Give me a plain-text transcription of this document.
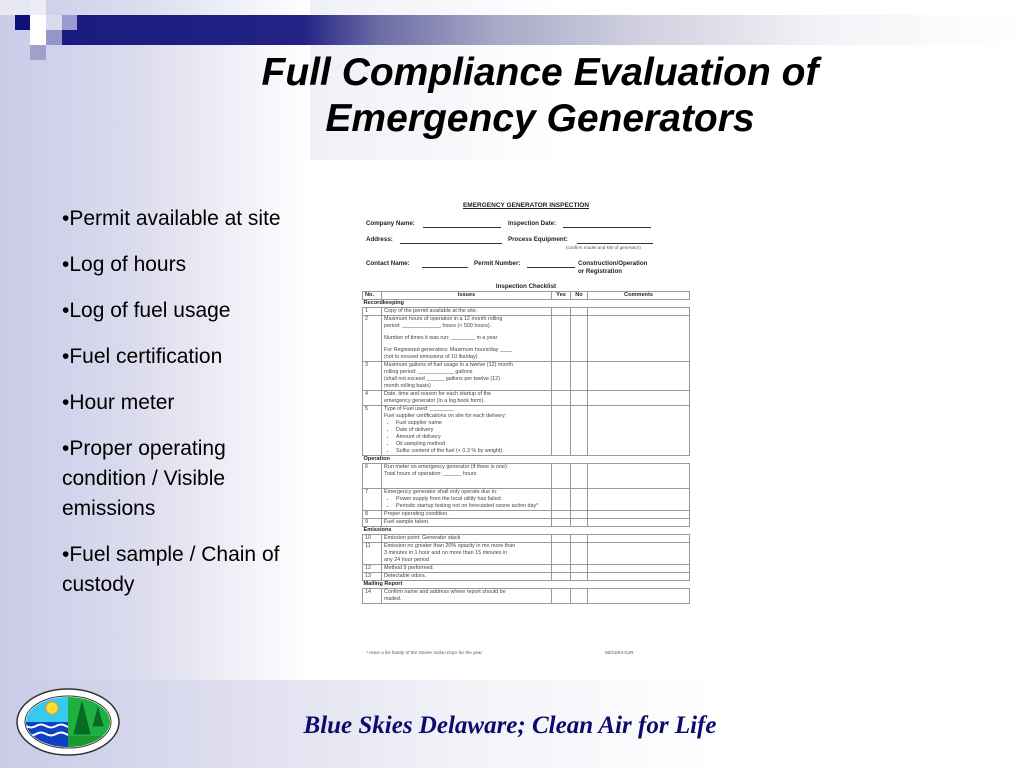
Full Compliance Evaluation of
Emergency Generators
•Permit available at site
•Log of hours
•Log of fuel usage
•Fuel certification
•Hour meter
•Proper operating condition / Visible emissions
•Fuel sample / Chain of custody
EMERGENCY GENERATOR INSPECTION
Company Name:	Inspection Date:
Address:	Process Equipment:
(confirm model and kW of generator)
Contact Name:	Permit Number:	Construction/Operation
or Registration
Inspection Checklist
No.	Issues	Yes	No	Comments
Recordkeeping				
1	Copy of the permit available at the site.			
2	Maximum hours of operation in a 12 month rolling
period: _____________ hours (< 500 hours).
Number of times it was run: ________ in a year
For Registered generators: Maximum hours/day ____
(not to exceed emissions of 10 lbs/day)			

3	Maximum gallons of fuel usage in a twelve (12) month
rolling period: ____________ gallons
(shall not exceed ______ gallons per twelve (12)
month rolling basis)			

4	Date, time and reason for each startup of the
emergency generator (in a log book form).			

5	Type of Fuel used: ________
Fuel supplier certifications on site for each delivery:
• Fuel supplier name
• Date of delivery
• Amount of delivery
• Oil sampling method
• Sulfur content of the fuel (< 0.3 % by weight).

Operation				
6	Run meter on emergency generator (if there is one):
Total hours of operation: ______ hours			

7	Emergency generator shall only operate due to:
• Power supply from the local utility has failed.
• Periodic startup testing not on forecasted ozone action day*

8	Proper operating condition.			
9	Fuel sample taken.			
Emissions				
10	Emission point: Generator stack			
11	Emission no greater than 20% opacity in mo more than
3 minutes in 1 hour and no more than 15 minutes in
any 24 hour period			

12	Method 9 performed.			
13	Detectable odors.			
Mailing Report				
14	Confirm name and address where report should be
mailed.			

* Have a list handy of the Ozone Action Days for the year	06/23/04-GJR
Blue Skies Delaware; Clean Air for Life
